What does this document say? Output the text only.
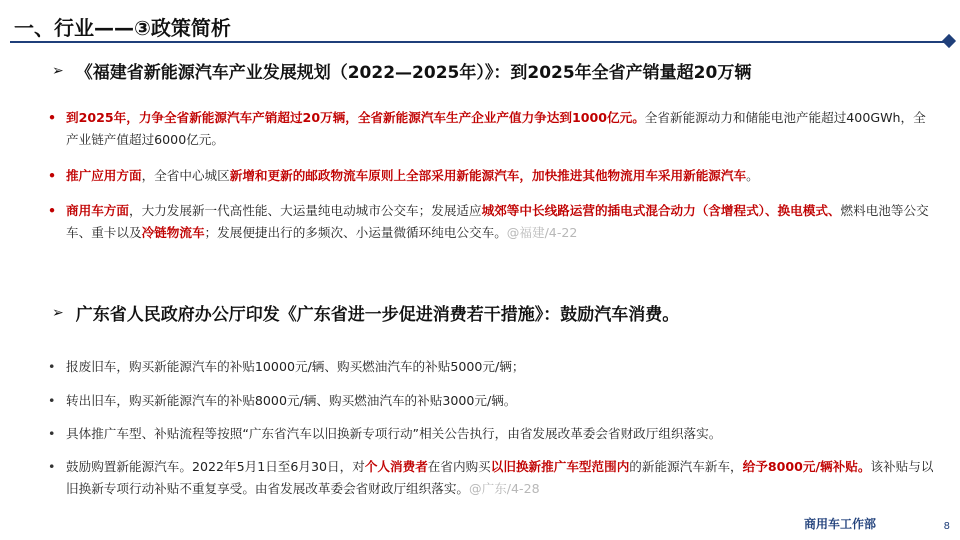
一、行业——③政策简析
➢ 《福建省新能源汽车产业发展规划（2022—2025年）》：到2025年全省产销量超20万辆
• 到2025年，力争全省新能源汽车产销超过20万辆，全省新能源汽车生产企业产值力争达到1000亿元。全省新能源动力和储能电池产能超过400GWh，全产业链产值超过6000亿元。
• 推广应用方面，全省中心城区新增和更新的邮政物流车原则上全部采用新能源汽车，加快推进其他物流用车采用新能源汽车。
• 商用车方面，大力发展新一代高性能、大运量纯电动城市公交车；发展适应城郊等中长线路运营的插电式混合动力（含增程式）、换电模式、燃料电池等公交车、重卡以及冷链物流车；发展便捷出行的多频次、小运量微循环纯电公交车。@福建/4-22
➢ 广东省人民政府办公厅印发《广东省进一步促进消费若干措施》：鼓励汽车消费。
• 报废旧车，购买新能源汽车的补贴10000元/辆、购买燃油汽车的补贴5000元/辆；
• 转出旧车，购买新能源汽车的补贴8000元/辆、购买燃油汽车的补贴3000元/辆。
• 具体推广车型、补贴流程等按照“广东省汽车以旧换新专项行动”相关公告执行，由省发展改革委会省财政厅组织落实。
• 鼓励购置新能源汽车。2022年5月1日至6月30日，对个人消费者在省内购买以旧换新推广车型范围内的新能源汽车新车，给予8000元/辆补贴。该补贴与以旧换新专项行动补贴不重复享受。由省发展改革委会省财政厅组织落实。@广东/4-28
商用车工作部	8
